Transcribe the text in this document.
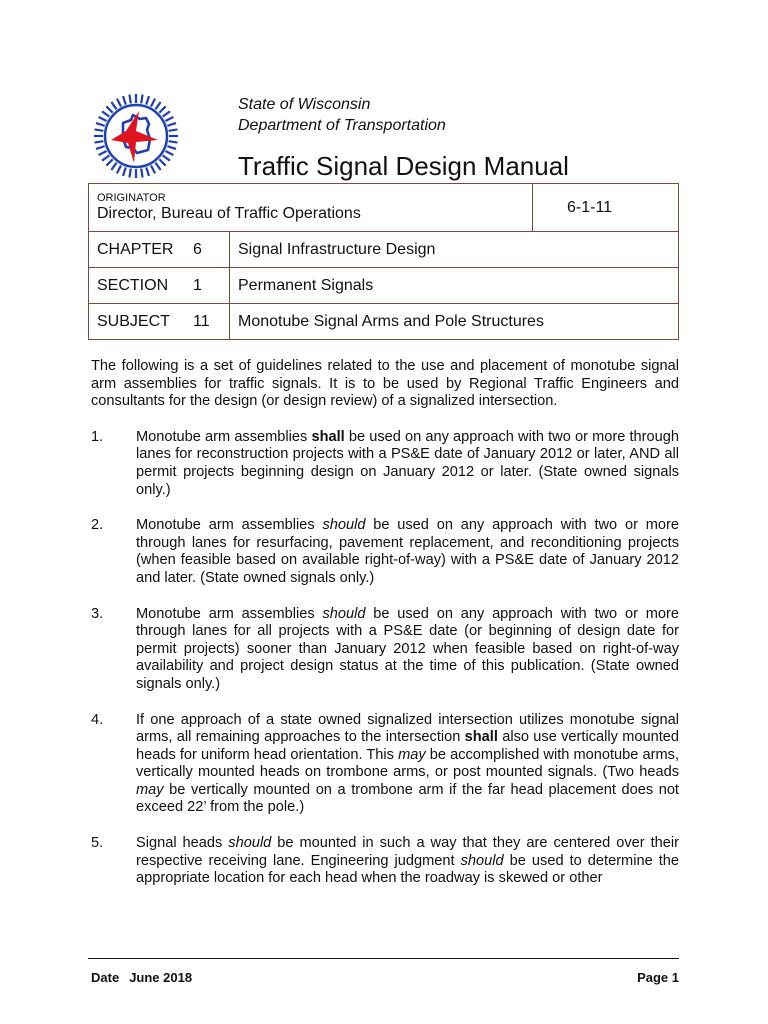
State of Wisconsin
Department of Transportation
Traffic Signal Design Manual
ORIGINATOR
Director, Bureau of Traffic Operations		6-1-11
CHAPTER 6	Signal Infrastructure Design	
SECTION 1	Permanent Signals	
SUBJECT 11	Monotube Signal Arms and Pole Structures	

The following is a set of guidelines related to the use and placement of monotube signal arm assemblies for traffic signals. It is to be used by Regional Traffic Engineers and consultants for the design (or design review) of a signalized intersection.

1.	Monotube arm assemblies shall be used on any approach with two or more through lanes for reconstruction projects with a PS&E date of January 2012 or later, AND all permit projects beginning design on January 2012 or later. (State owned signals only.)
2.	Monotube arm assemblies should be used on any approach with two or more through lanes for resurfacing, pavement replacement, and reconditioning projects (when feasible based on available right-of-way) with a PS&E date of January 2012 and later. (State owned signals only.)
3.	Monotube arm assemblies should be used on any approach with two or more through lanes for all projects with a PS&E date (or beginning of design date for permit projects) sooner than January 2012 when feasible based on right-of-way availability and project design status at the time of this publication. (State owned signals only.)
4.	If one approach of a state owned signalized intersection utilizes monotube signal arms, all remaining approaches to the intersection shall also use vertically mounted heads for uniform head orientation. This may be accomplished with monotube arms, vertically mounted heads on trombone arms, or post mounted signals. (Two heads may be vertically mounted on a trombone arm if the far head placement does not exceed 22’ from the pole.)
5.	Signal heads should be mounted in such a way that they are centered over their respective receiving lane. Engineering judgment should be used to determine the appropriate location for each head when the roadway is skewed or other
Date June 2018	Page 1
